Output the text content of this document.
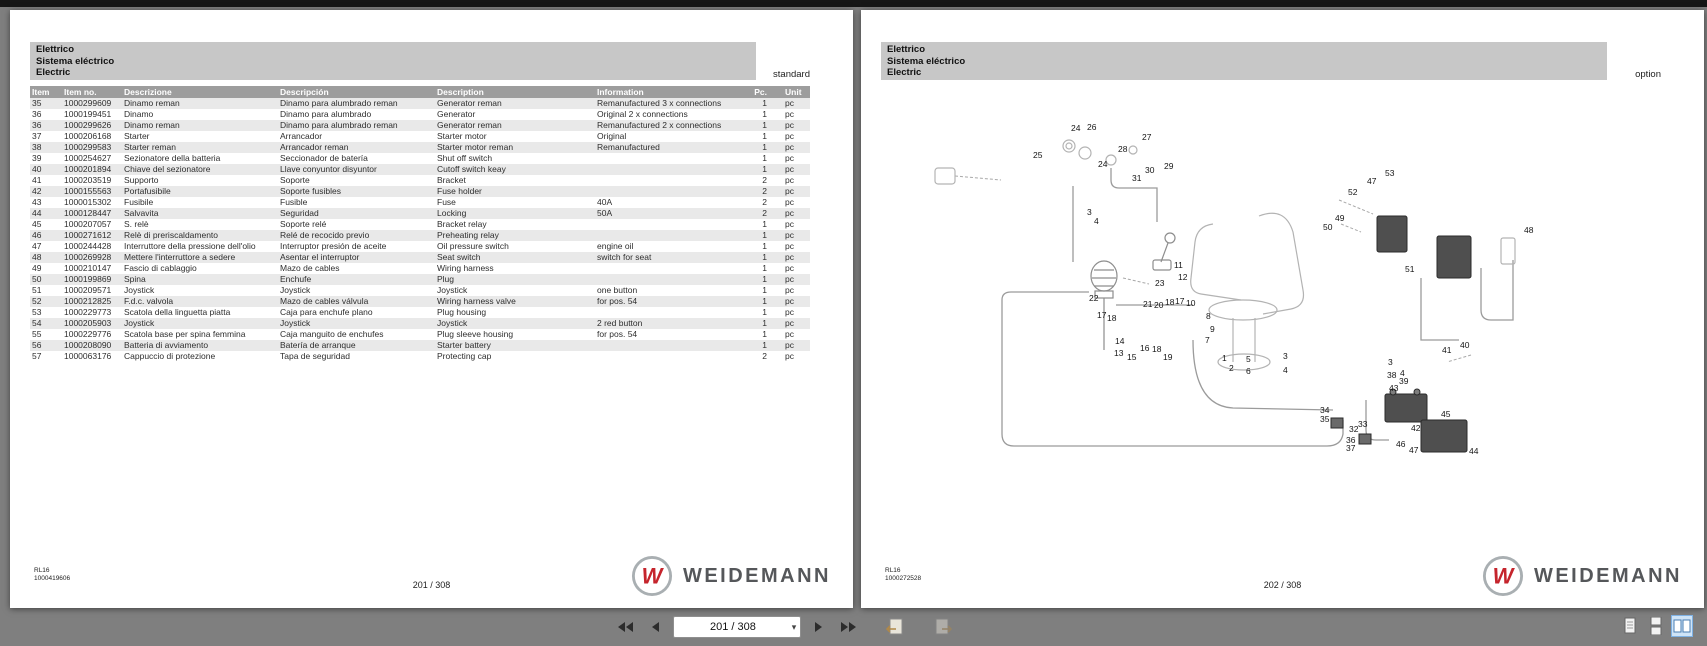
Elettrico
Sistema eléctrico
Electric	standard
Item	Item no.	Descrizione	Descripción	Description	Information	Pc.	Unit
35	1000299609	Dinamo reman	Dinamo para alumbrado reman	Generator reman	Remanufactured 3 x connections	1	pc
36	1000199451	Dinamo	Dinamo para alumbrado	Generator	Original 2 x connections	1	pc
36	1000299626	Dinamo reman	Dinamo para alumbrado reman	Generator reman	Remanufactured 2 x connections	1	pc
37	1000206168	Starter	Arrancador	Starter motor	Original	1	pc
38	1000299583	Starter reman	Arrancador reman	Starter motor reman	Remanufactured	1	pc
39	1000254627	Sezionatore della batteria	Seccionador de batería	Shut off switch		1	pc
40	1000201894	Chiave del sezionatore	Llave conyuntor disyuntor	Cutoff switch keay		1	pc
41	1000203519	Supporto	Soporte	Bracket		2	pc
42	1000155563	Portafusibile	Soporte fusibles	Fuse holder		2	pc
43	1000015302	Fusibile	Fusible	Fuse	40A	2	pc
44	1000128447	Salvavita	Seguridad	Locking	50A	2	pc
45	1000207057	S. relè	Soporte relé	Bracket relay		1	pc
46	1000271612	Relè di preriscaldamento	Relé de recocido previo	Preheating relay		1	pc
47	1000244428	Interruttore della pressione dell'olio	Interruptor presión de aceite	Oil pressure switch	engine oil	1	pc
48	1000269928	Mettere l'interruttore a sedere	Asentar el interruptor	Seat switch	switch for seat	1	pc
49	1000210147	Fascio di cablaggio	Mazo de cables	Wiring harness		1	pc
50	1000199869	Spina	Enchufe	Plug		1	pc
51	1000209571	Joystick	Joystick	Joystick	one button	1	pc
52	1000212825	F.d.c. valvola	Mazo de cables válvula	Wiring harness valve	for pos. 54	1	pc
53	1000229773	Scatola della linguetta piatta	Caja para enchufe plano	Plug housing		1	pc
54	1000205903	Joystick	Joystick	Joystick	2 red button	1	pc
55	1000229776	Scatola base per spina femmina	Caja manguito de enchufes	Plug sleeve housing	for pos. 54	1	pc
56	1000208090	Batteria di avviamento	Batería de arranque	Starter battery		1	pc
57	1000063176	Cappuccio di protezione	Tapa de seguridad	Protecting cap		2	pc
RL16
1000419606
201 / 308	W WEIDEMANN
Elettrico
Sistema eléctrico
Electric	option
24 26
25
27
28
24	29
30
31
3
4
53
47
52
49
50	48
51
11
12
23
22
17 18
21 20 18 17 10
14
13 15
16 18
19
8
9
7
1
2
5
6
3
4
40
41
3
38 4
39
43
34
35	33
32
36
37
42
45
46
47	44
RL16
1000272528
202 / 308	W WEIDEMANN
201 / 308	▾
